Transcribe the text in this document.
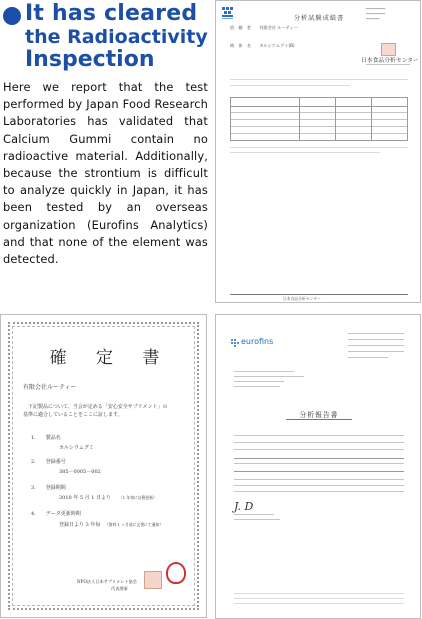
It has cleared
the Radioactivity
Inspection
Here we report that the test performed by Japan Food Research Laboratories has validated that Calcium Gummi contain no radioactive material. Additionally, because the strontium is difficult to analyze quickly in Japan, it has been tested by an overseas organization (Eurofins Analytics) and that none of the element was detected.
━━━━━━━━━━
━━━━━━━━━━
━━━━━━━
分析試験成績書
依　頼　者　　有限会社 ルーティー
検　体　名　　カルシウムグミ(B)
日本食品分析センター
日本食品分析センター
確 定 書
有限会社ルーティー
下記製品について、当会が定める「安心安全サプリメント」の
基準に適合していることをここに証します。
1.　　製品名
カルシウムグミ
2.　　登録番号
385－0005－002
3.　　登録期間
2010 年 5 月 1 日より （1 年毎に自動更新）
4.　　データ更新時期
登録日より 3 年毎 （資料 1 ヶ月前に文書にて通知）
NPO法人日本サプリメント協会
代表理事
eurofins
分析報告書
J. D
